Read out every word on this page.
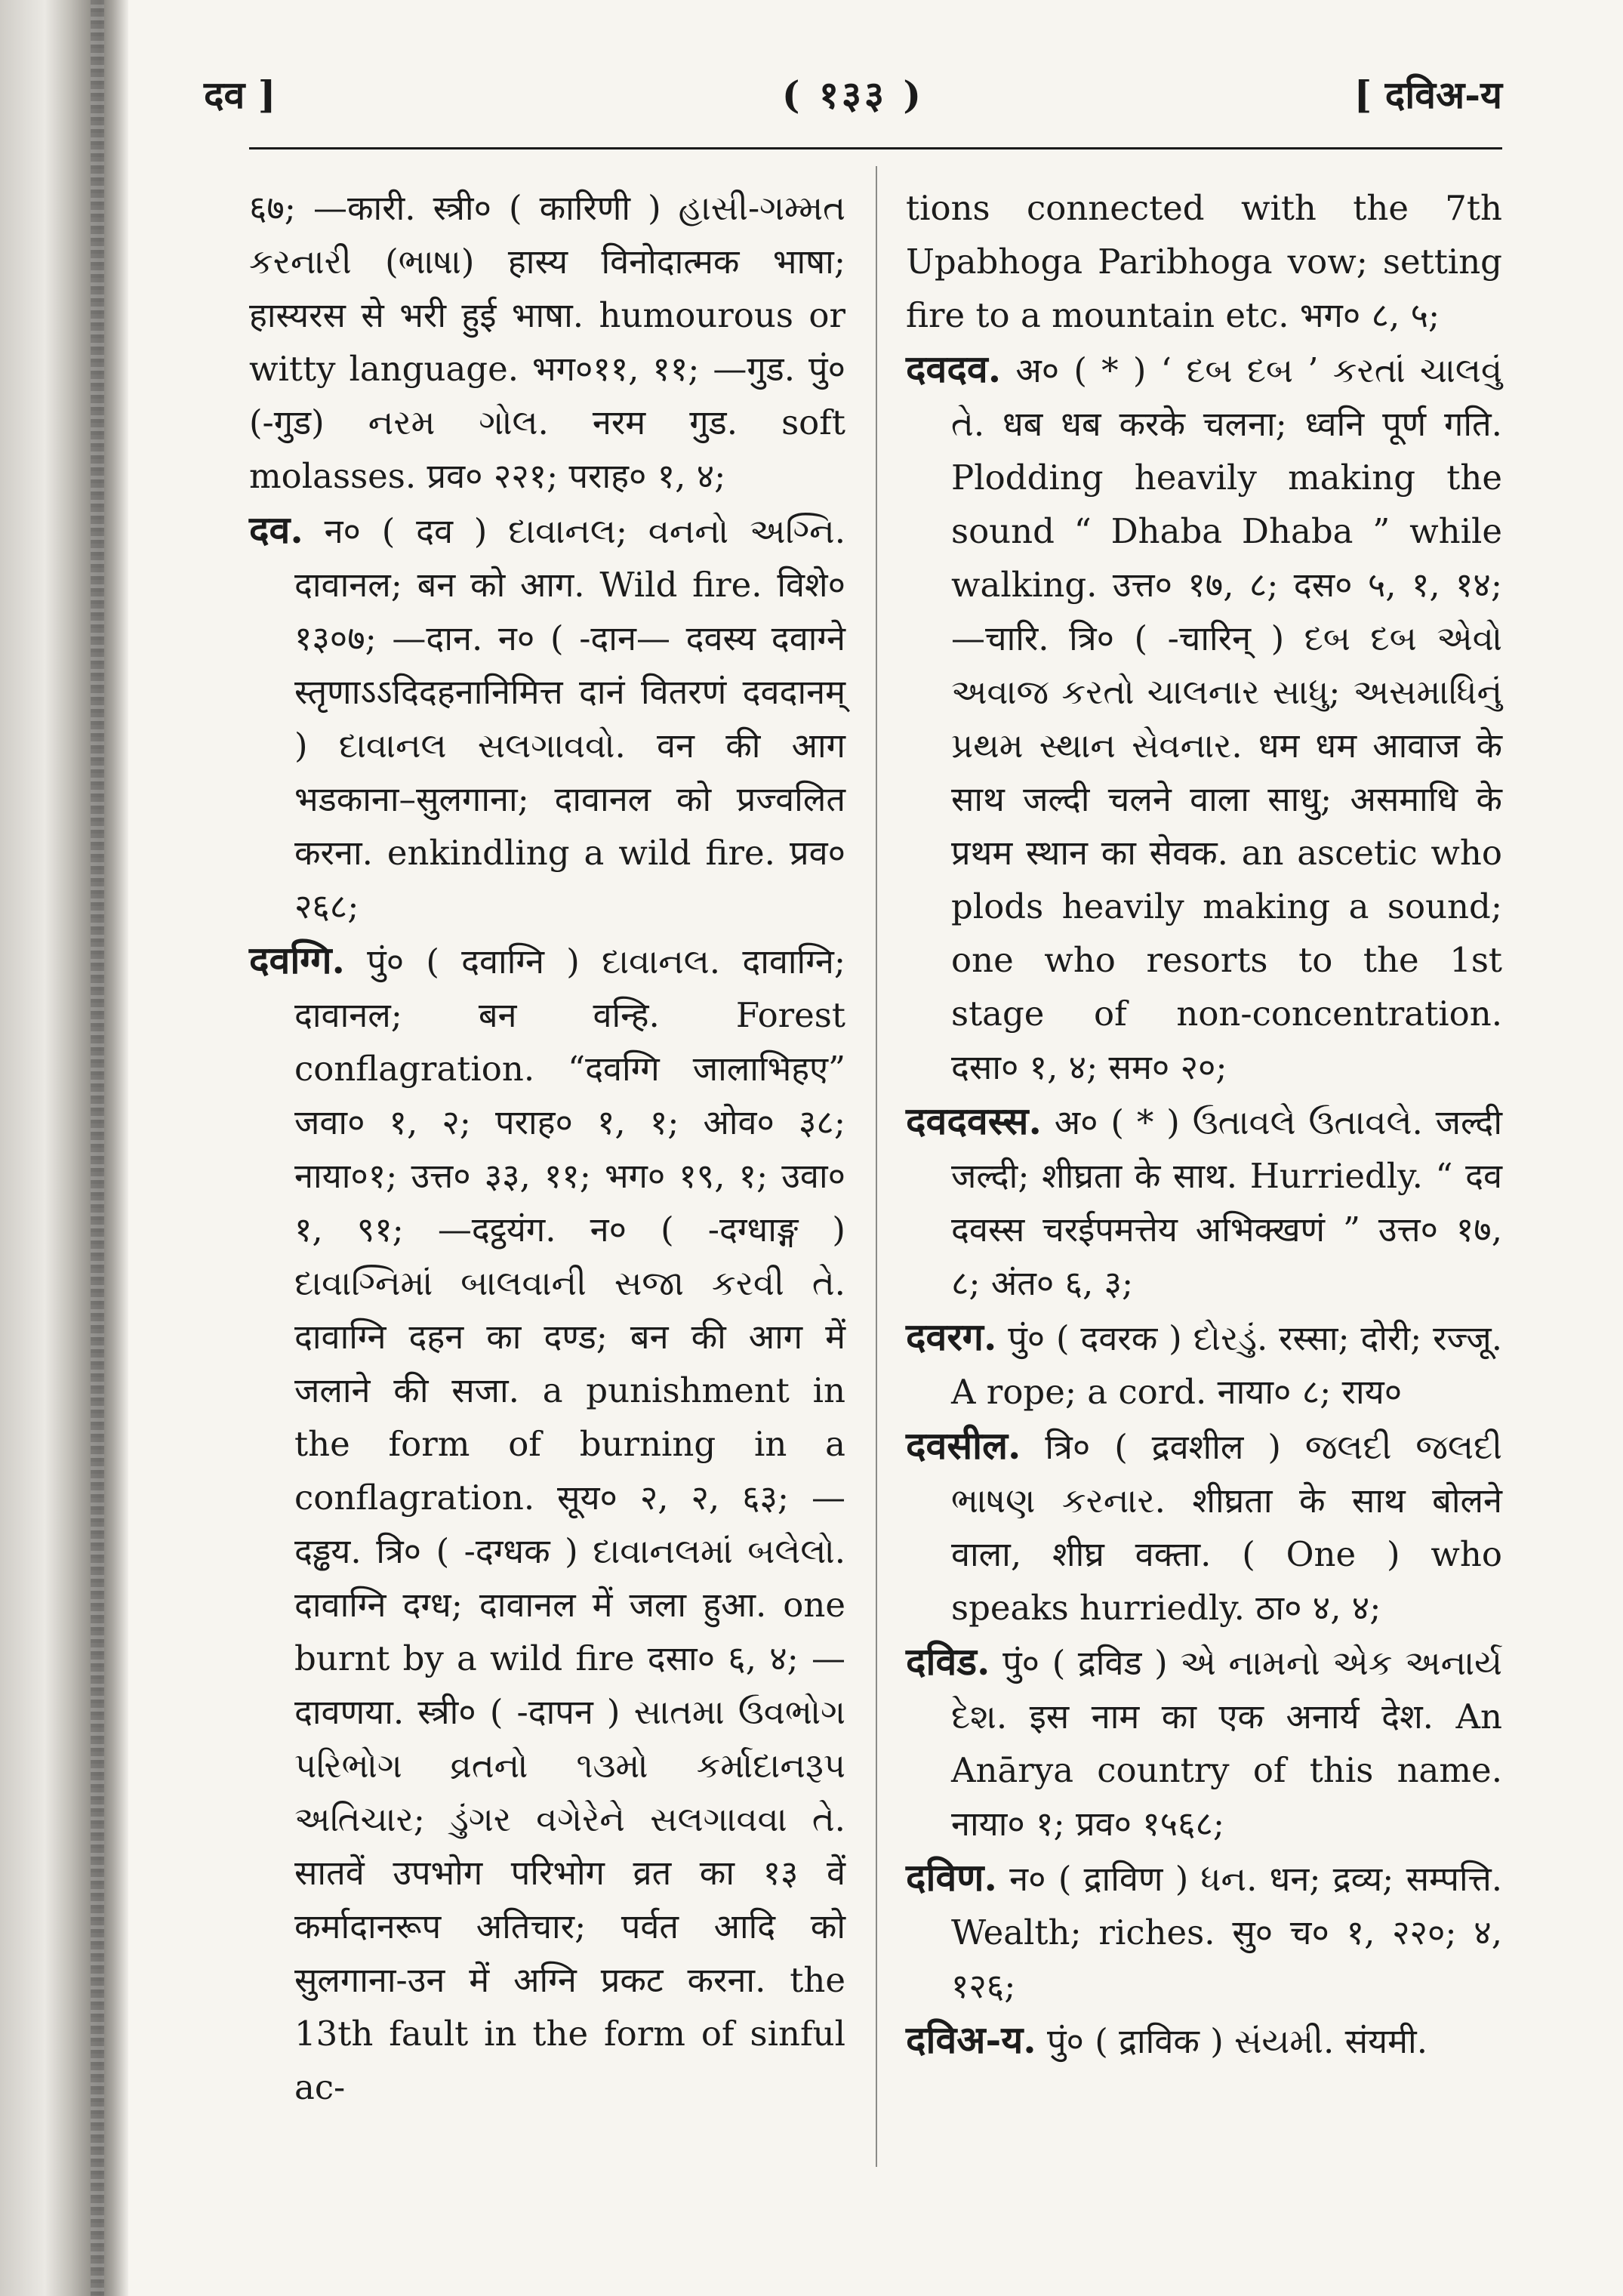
दव ]	( १३३ )	[ दविअ-य

६७; —कारी. स्त्री० ( कारिणी ) હાસી-ગમ્મત કરનારી (ભાષા) हास्य विनोदात्मक भाषा; हास्यरस से भरी हुई भाषा. humourous or witty language. भग०११, ११; —गुड. पुं० (-गुड) નરમ ગોલ. नरम गुड. soft molasses. प्रव० २२१; पराह० १, ४;

दव. न० ( दव ) દાવાનલ; વનનો અગ્નિ. दावानल; बन को आग. Wild fire. विशे० १३०७; —दान. न० ( -दान— दवस्य दवाग्ने स्तृणाऽऽदिदहनानिमित्त दानं वितरणं दवदानम् ) દાવાનલ સલગાવવો. वन की आग भडकाना–सुलगाना; दावानल को प्रज्वलित करना. enkindling a wild fire. प्रव० २६८;

दवग्गि. पुं० ( दवाग्नि ) દાવાનલ. दावाग्नि; दावानल; बन वन्हि. Forest conflagration. “दवग्गि जालाभिहए” जवा० १, २; पराह० १, १; ओव० ३८; नाया०१; उत्त० ३३, ११; भग० १९, १; उवा० १, ९१; —दट्ठयंग. न० ( -दग्धाङ्ग ) દાવાગ્નિમાં બાલવાની સજા કરવી તે. दावाग्नि दहन का दण्ड; बन की आग में जलाने की सजा. a punishment in the form of burning in a conflagration. सूय० २, २, ६३; —दड्ढय. त्रि० ( -दग्धक ) દાવાનલમાં બલેલો. दावाग्नि दग्ध; दावानल में जला हुआ. one burnt by a wild fire दसा० ६, ४; —दावणया. स्त्री० ( -दापन ) સાતમા ઉવભોગ પરિભોગ વ્રતનો ૧૩મો કર્માદાનરૂપ અતિચાર; ડુંગર વગેરેને સલગાવવા તે. सातवें उपभोग परिभोग व्रत का १३ वें कर्मादानरूप अतिचार; पर्वत आदि को सुलगाना-उन में अग्नि प्रकट करना. the 13th fault in the form of sinful ac-

tions connected with the 7th Upabhoga Paribhoga vow; setting fire to a mountain etc. भग० ८, ५;

दवदव. अ० ( * ) ‘ દબ દબ ’ કરતાં ચાલવું તે. धब धब करके चलना; ध्वनि पूर्ण गति. Plodding heavily making the sound “ Dhaba Dhaba ” while walking. उत्त० १७, ८; दस० ५, १, १४; —चारि. त्रि० ( -चारिन् ) દબ દબ એવો અવાજ કરતો ચાલનાર સાધુ; અસમાધિનું પ્રથમ સ્થાન સેવનાર. धम धम आवाज के साथ जल्दी चलने वाला साधु; असमाधि के प्रथम स्थान का सेवक. an ascetic who plods heavily making a sound; one who resorts to the 1st stage of non-concentration. दसा० १, ४; सम० २०;

दवदवस्स. अ० ( * ) ઉતાવલે ઉતાવલે. जल्दी जल्दी; शीघ्रता के साथ. Hurriedly. “ दव दवस्स चरईपमत्तेय अभिक्खणं ” उत्त० १७, ८; अंत० ६, ३;

दवरग. पुं० ( दवरक ) દોરડું. रस्सा; दोरी; रज्जू. A rope; a cord. नाया० ८; राय०

दवसील. त्रि० ( द्रवशील ) જલદી જલદી ભાષણ કરનાર. शीघ्रता के साथ बोलने वाला, शीघ्र वक्ता. ( One ) who speaks hurriedly. ठा० ४, ४;

दविड. पुं० ( द्रविड ) એ નામનો એક અનાર્ય દેશ. इस नाम का एक अनार्य देश. An Anārya country of this name. नाया० १; प्रव० १५६८;

दविण. न० ( द्राविण ) ધન. धन; द्रव्य; सम्पत्ति. Wealth; riches. सु० च० १, २२०; ४, १२६;

दविअ-य. पुं० ( द्राविक ) સંયમી. संयमी.
